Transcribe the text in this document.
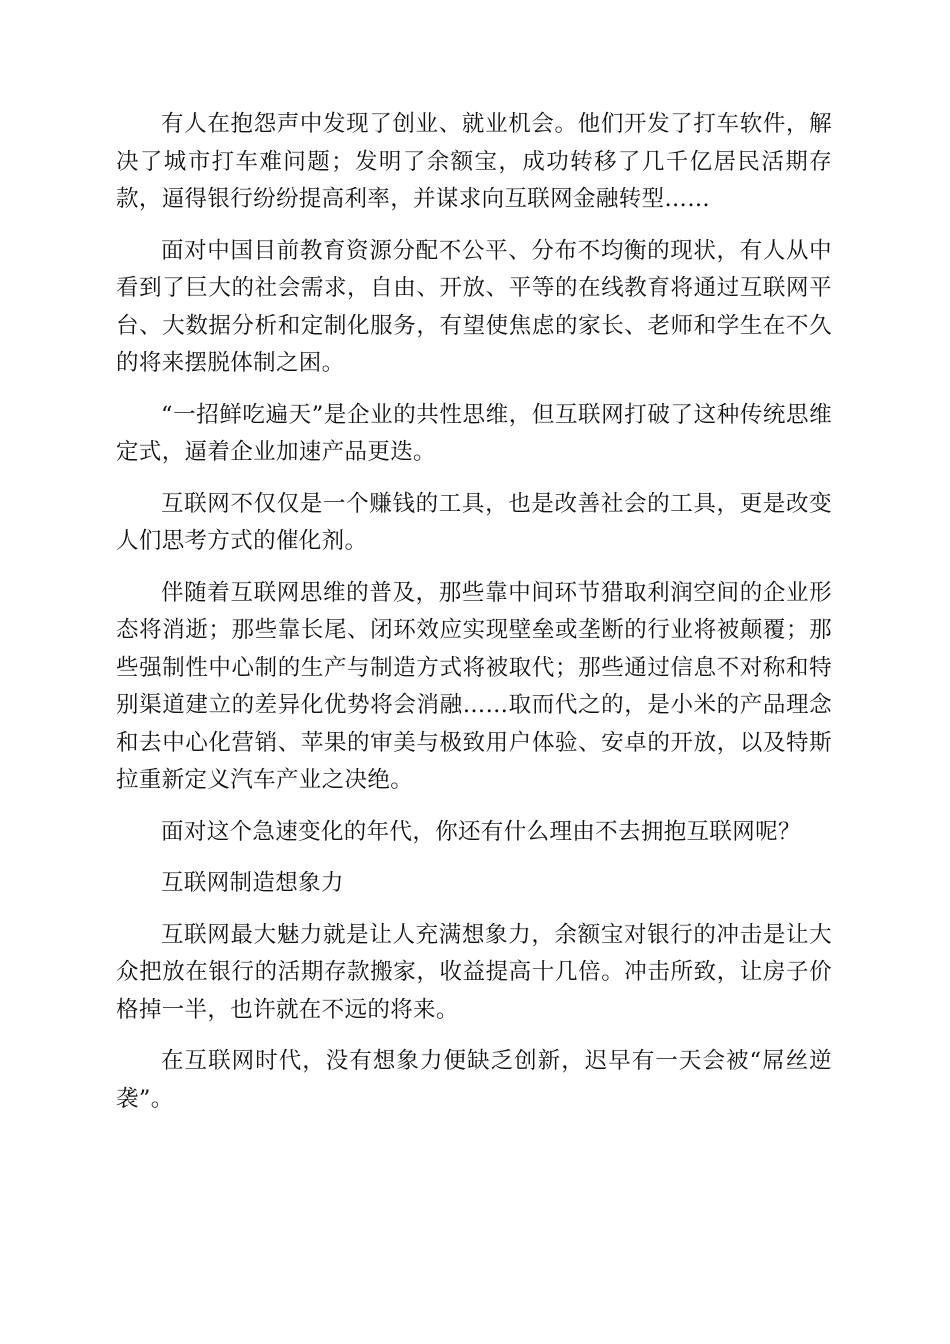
有人在抱怨声中发现了创业、就业机会。他们开发了打车软件，解决了城市打车难问题；发明了余额宝，成功转移了几千亿居民活期存款，逼得银行纷纷提高利率，并谋求向互联网金融转型……

面对中国目前教育资源分配不公平、分布不均衡的现状，有人从中看到了巨大的社会需求，自由、开放、平等的在线教育将通过互联网平台、大数据分析和定制化服务，有望使焦虑的家长、老师和学生在不久的将来摆脱体制之困。

“一招鲜吃遍天”是企业的共性思维，但互联网打破了这种传统思维定式，逼着企业加速产品更迭。

互联网不仅仅是一个赚钱的工具，也是改善社会的工具，更是改变人们思考方式的催化剂。

伴随着互联网思维的普及，那些靠中间环节猎取利润空间的企业形态将消逝；那些靠长尾、闭环效应实现壁垒或垄断的行业将被颠覆；那些强制性中心制的生产与制造方式将被取代；那些通过信息不对称和特别渠道建立的差异化优势将会消融……取而代之的，是小米的产品理念和去中心化营销、苹果的审美与极致用户体验、安卓的开放，以及特斯拉重新定义汽车产业之决绝。

面对这个急速变化的年代，你还有什么理由不去拥抱互联网呢？

互联网制造想象力

互联网最大魅力就是让人充满想象力，余额宝对银行的冲击是让大众把放在银行的活期存款搬家，收益提高十几倍。冲击所致，让房子价格掉一半，也许就在不远的将来。

在互联网时代，没有想象力便缺乏创新，迟早有一天会被“屌丝逆袭”。
